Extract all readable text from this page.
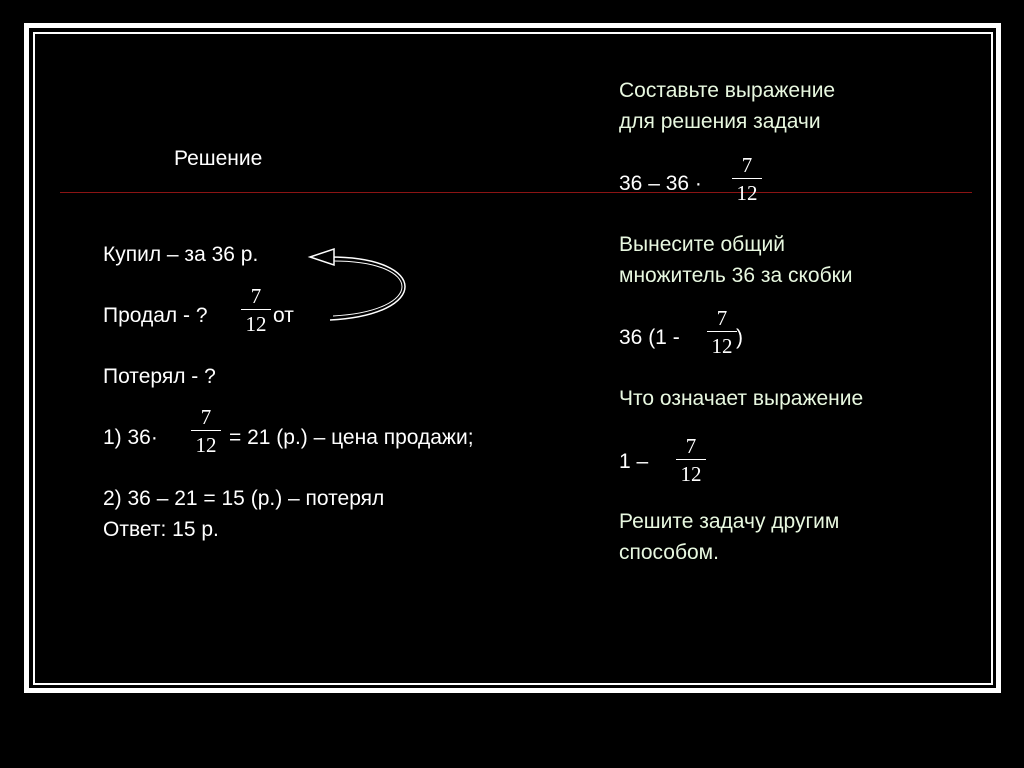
Решение
Купил – за 36 р.
Продал - ?
7
12 от
Потерял - ?
1) 36·
7
12 = 21 (р.) – цена продажи;
2) 36 – 21 = 15 (р.) – потерял
Ответ: 15 р.
Составьте выражение
для решения задачи
36 – 36 ·
7
12
Вынесите общий
множитель 36 за скобки
36 (1 -
7
12 )
Что означает выражение
1 –
7
12
Решите задачу другим
способом.
